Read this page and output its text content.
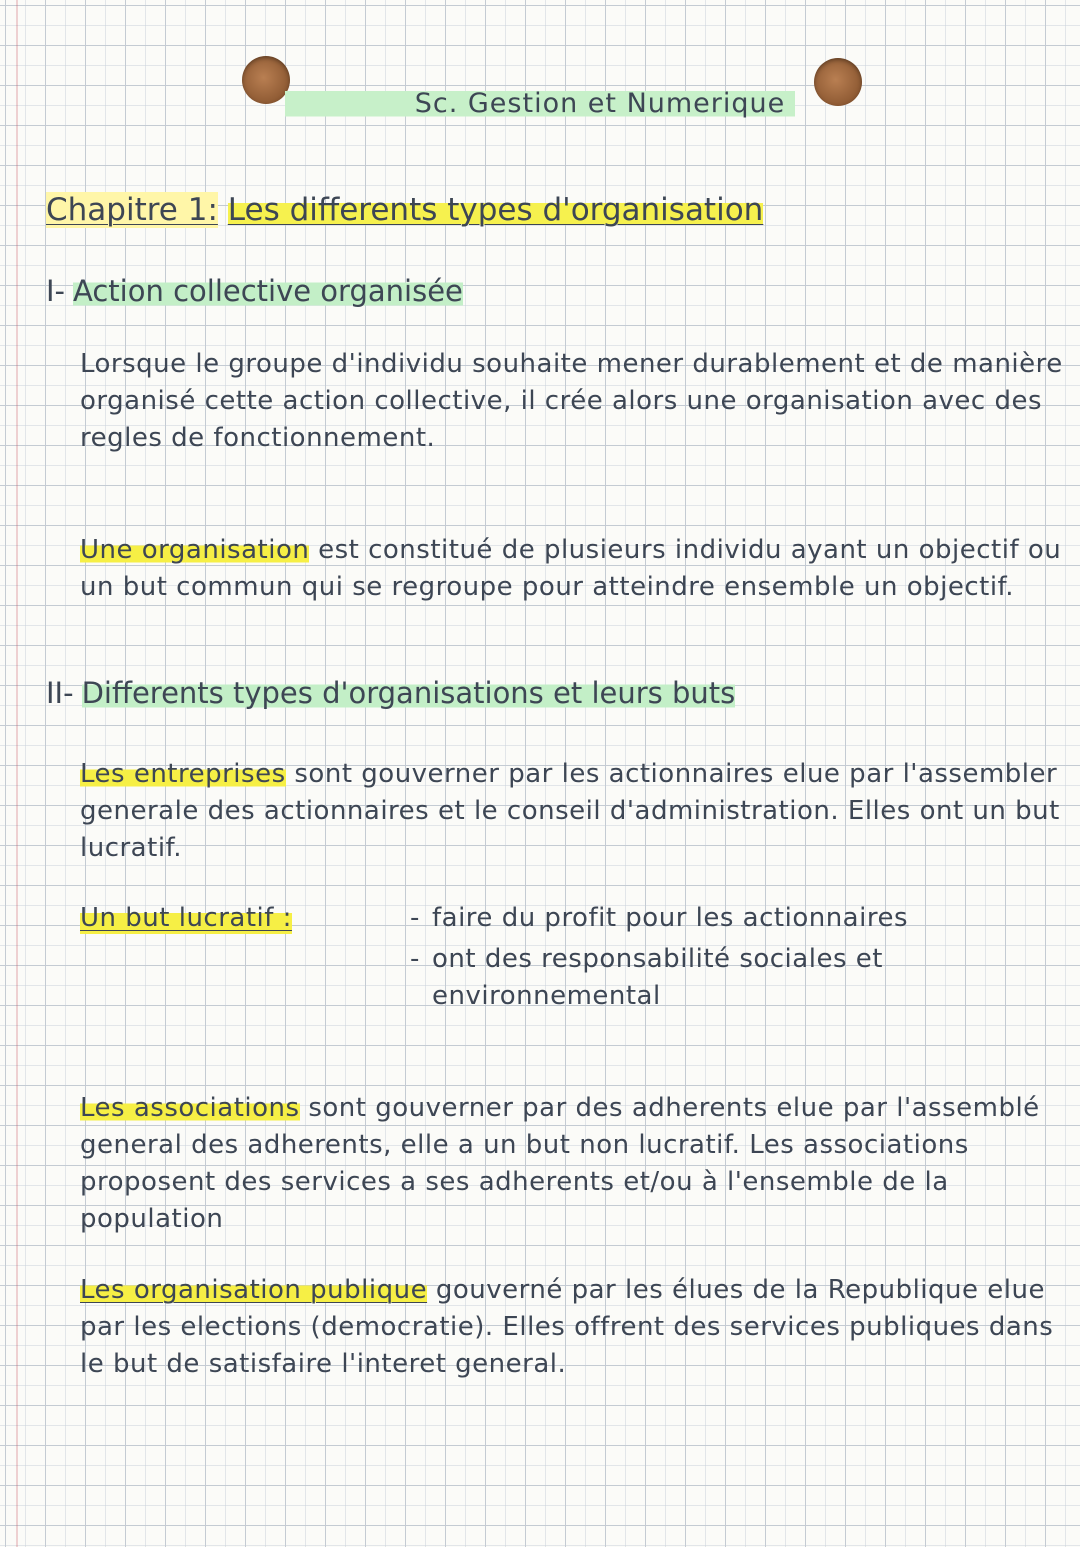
Sc. Gestion et Numerique
Chapitre 1: Les differents types d'organisation
I- Action collective organisée

Lorsque le groupe d'individu souhaite mener durablement et de manière organisé cette action collective, il crée alors une organisation avec des regles de fonctionnement.

Une organisation est constitué de plusieurs individu ayant un objectif ou un but commun qui se regroupe pour atteindre ensemble un objectif.

II- Differents types d'organisations et leurs buts

Les entreprises sont gouverner par les actionnaires elue par l'assembler generale des actionnaires et le conseil d'administration. Elles ont un but lucratif.

Un but lucratif :
-	faire du profit pour les actionnaires
- ont des responsabilité sociales et environnemental

Les associations sont gouverner par des adherents elue par l'assemblé general des adherents, elle a un but non lucratif. Les associations proposent des services a ses adherents et/ou à l'ensemble de la population

Les organisation publique gouverné par les élues de la Republique elue par les elections (democratie). Elles offrent des services publiques dans le but de satisfaire l'interet general.
